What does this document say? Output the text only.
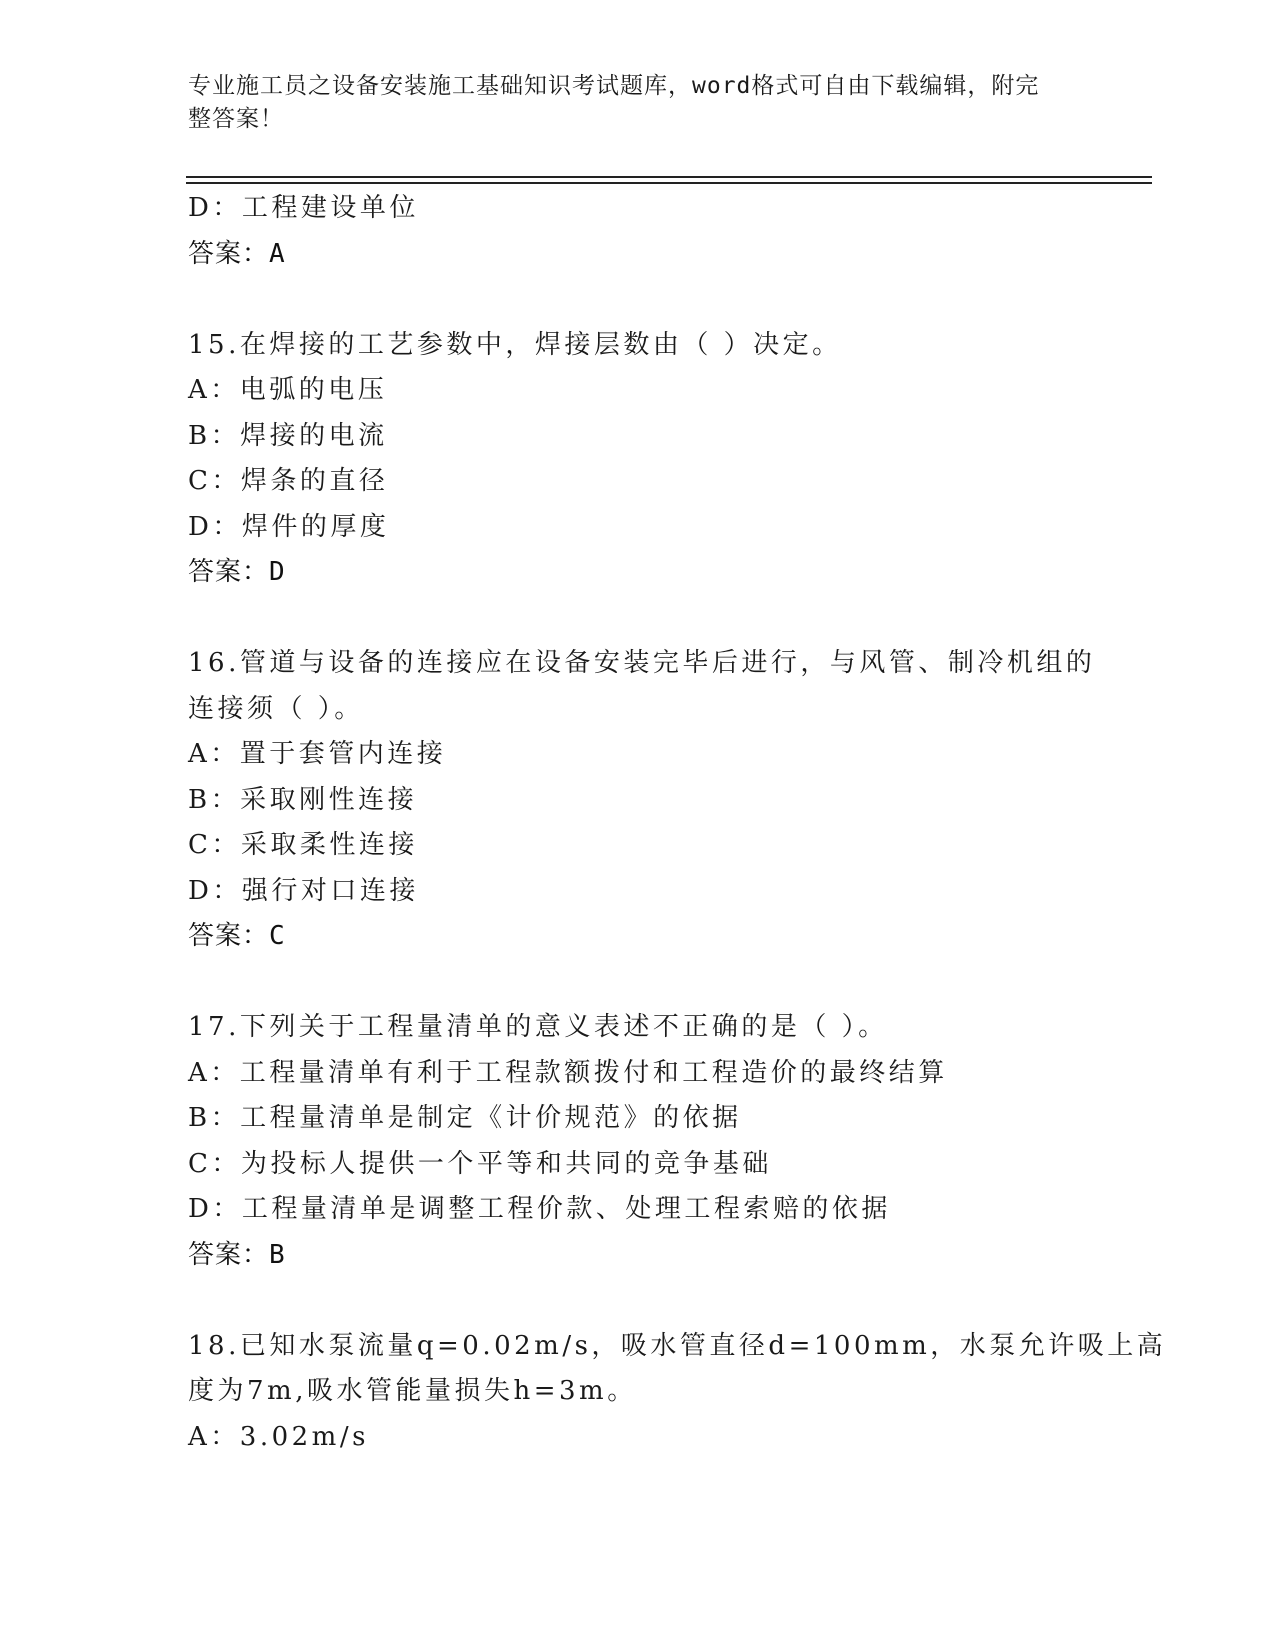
专业施工员之设备安装施工基础知识考试题库，word格式可自由下载编辑，附完
整答案！
D：工程建设单位
答案：A
15.在焊接的工艺参数中，焊接层数由（ ）决定。
A：电弧的电压
B：焊接的电流
C：焊条的直径
D：焊件的厚度
答案：D
16.管道与设备的连接应在设备安装完毕后进行，与风管、制冷机组的
连接须（ ）。
A：置于套管内连接
B：采取刚性连接
C：采取柔性连接
D：强行对口连接
答案：C
17.下列关于工程量清单的意义表述不正确的是（ ）。
A：工程量清单有利于工程款额拨付和工程造价的最终结算
B：工程量清单是制定《计价规范》的依据
C：为投标人提供一个平等和共同的竞争基础
D：工程量清单是调整工程价款、处理工程索赔的依据
答案：B
18.已知水泵流量q=0.02m/s，吸水管直径d=100mm，水泵允许吸上高
度为7m,吸水管能量损失h=3m。
A：3.02m/s
